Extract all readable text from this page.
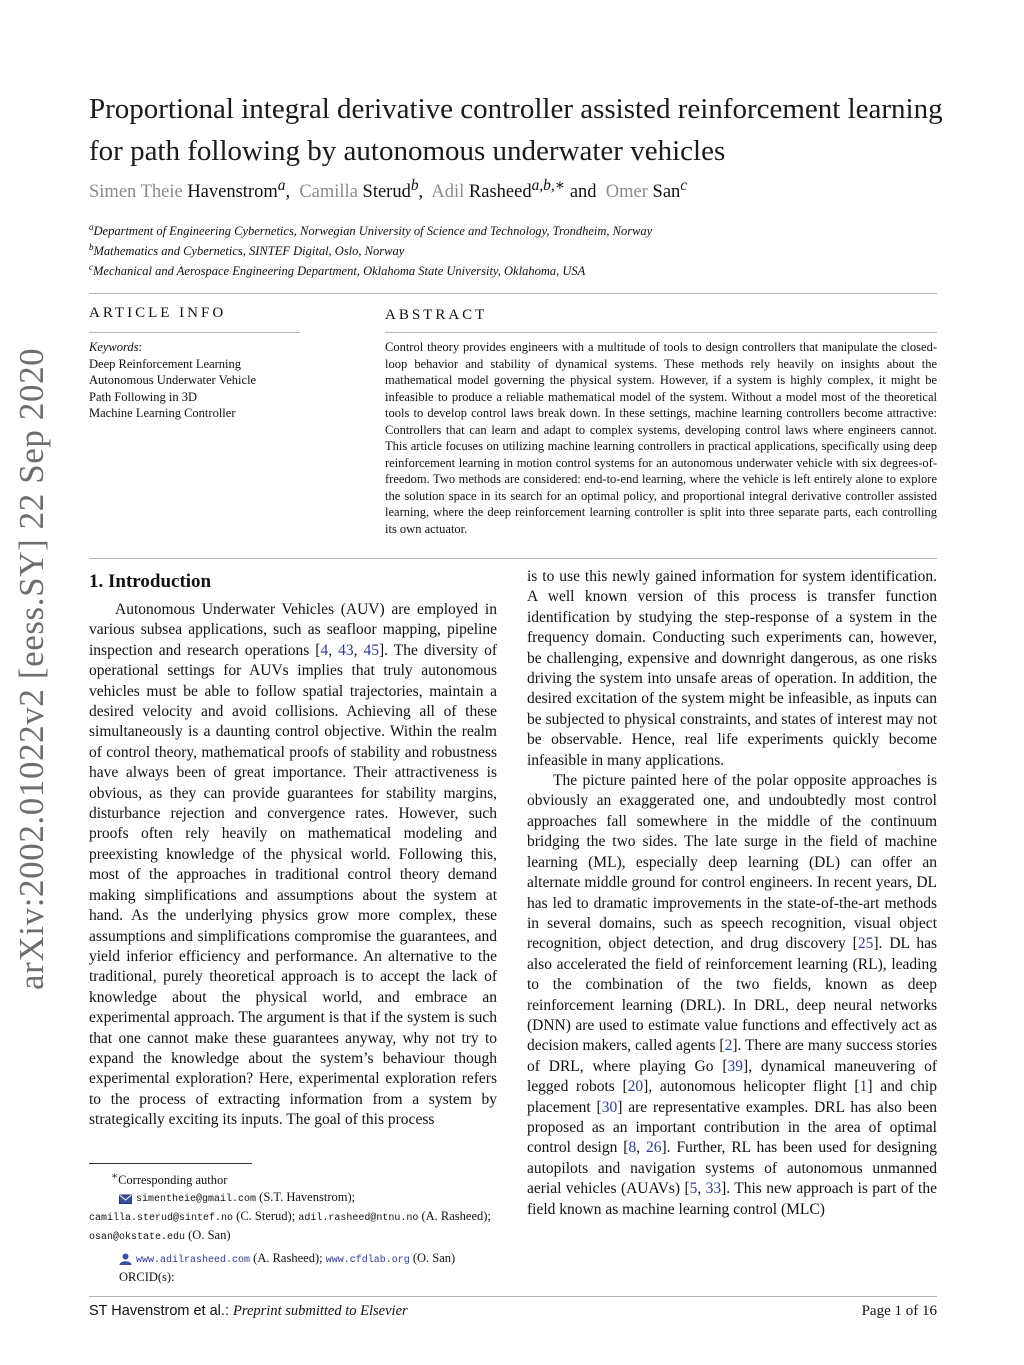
arXiv:2002.01022v2 [eess.SY] 22 Sep 2020
Proportional integral derivative controller assisted reinforcement learning for path following by autonomous underwater vehicles
Simen Theie Havenstrom$^a$, Camilla Sterud$^b$, Adil Rasheed$^{a,b,∗}$ and Omer San$^c$
$^a$Department of Engineering Cybernetics, Norwegian University of Science and Technology, Trondheim, Norway
$^b$Mathematics and Cybernetics, SINTEF Digital, Oslo, Norway
$^c$Mechanical and Aerospace Engineering Department, Oklahoma State University, Oklahoma, USA
ARTICLE INFO
Keywords:
Deep Reinforcement Learning
Autonomous Underwater Vehicle
Path Following in 3D
Machine Learning Controller
ABSTRACT
Control theory provides engineers with a multitude of tools to design controllers that manipulate the closed-loop behavior and stability of dynamical systems. These methods rely heavily on insights about the mathematical model governing the physical system. However, if a system is highly complex, it might be infeasible to produce a reliable mathematical model of the system. Without a model most of the theoretical tools to develop control laws break down. In these settings, machine learning controllers become attractive: Controllers that can learn and adapt to complex systems, developing control laws where engineers cannot. This article focuses on utilizing machine learning controllers in practical applications, specifically using deep reinforcement learning in motion control systems for an autonomous underwater vehicle with six degrees-of-freedom. Two methods are considered: end-to-end learning, where the vehicle is left entirely alone to explore the solution space in its search for an optimal policy, and proportional integral derivative controller assisted learning, where the deep reinforcement learning controller is split into three separate parts, each controlling its own actuator.
1. Introduction

Autonomous Underwater Vehicles (AUV) are employed in various subsea applications, such as seafloor mapping, pipeline inspection and research operations [4, 43, 45]. The diversity of operational settings for AUVs implies that truly autonomous vehicles must be able to follow spatial trajectories, maintain a desired velocity and avoid collisions. Achieving all of these simultaneously is a daunting control objective. Within the realm of control theory, mathematical proofs of stability and robustness have always been of great importance. Their attractiveness is obvious, as they can provide guarantees for stability margins, disturbance rejection and convergence rates. However, such proofs often rely heavily on mathematical modeling and preexisting knowledge of the physical world. Following this, most of the approaches in traditional control theory demand making simplifications and assumptions about the system at hand. As the underlying physics grow more complex, these assumptions and simplifications compromise the guarantees, and yield inferior efficiency and performance. An alternative to the traditional, purely theoretical approach is to accept the lack of knowledge about the physical world, and embrace an experimental approach. The argument is that if the system is such that one cannot make these guarantees anyway, why not try to expand the knowledge about the system’s behaviour though experimental exploration? Here, experimental exploration refers to the process of extracting information from a system by strategically exciting its inputs. The goal of this process

is to use this newly gained information for system identification. A well known version of this process is transfer function identification by studying the step-response of a system in the frequency domain. Conducting such experiments can, however, be challenging, expensive and downright dangerous, as one risks driving the system into unsafe areas of operation. In addition, the desired excitation of the system might be infeasible, as inputs can be subjected to physical constraints, and states of interest may not be observable. Hence, real life experiments quickly become infeasible in many applications.

The picture painted here of the polar opposite approaches is obviously an exaggerated one, and undoubtedly most control approaches fall somewhere in the middle of the continuum bridging the two sides. The late surge in the field of machine learning (ML), especially deep learning (DL) can offer an alternate middle ground for control engineers. In recent years, DL has led to dramatic improvements in the state-of-the-art methods in several domains, such as speech recognition, visual object recognition, object detection, and drug discovery [25]. DL has also accelerated the field of reinforcement learning (RL), leading to the combination of the two fields, known as deep reinforcement learning (DRL). In DRL, deep neural networks (DNN) are used to estimate value functions and effectively act as decision makers, called agents [2]. There are many success stories of DRL, where playing Go [39], dynamical maneuvering of legged robots [20], autonomous helicopter flight [1] and chip placement [30] are representative examples. DRL has also been proposed as an important contribution in the area of optimal control design [8, 26]. Further, RL has been used for designing autopilots and navigation systems of autonomous unmanned aerial vehicles (AUAVs) [5, 33]. This new approach is part of the field known as machine learning control (MLC)

∗Corresponding author
simentheie@gmail.com (S.T. Havenstrom);
camilla.sterud@sintef.no (C. Sterud); adil.rasheed@ntnu.no (A. Rasheed);
osan@okstate.edu (O. San)
www.adilrasheed.com (A. Rasheed); www.cfdlab.org (O. San)
ORCID(s):
ST Havenstrom et al.: Preprint submitted to Elsevier	Page 1 of 16
